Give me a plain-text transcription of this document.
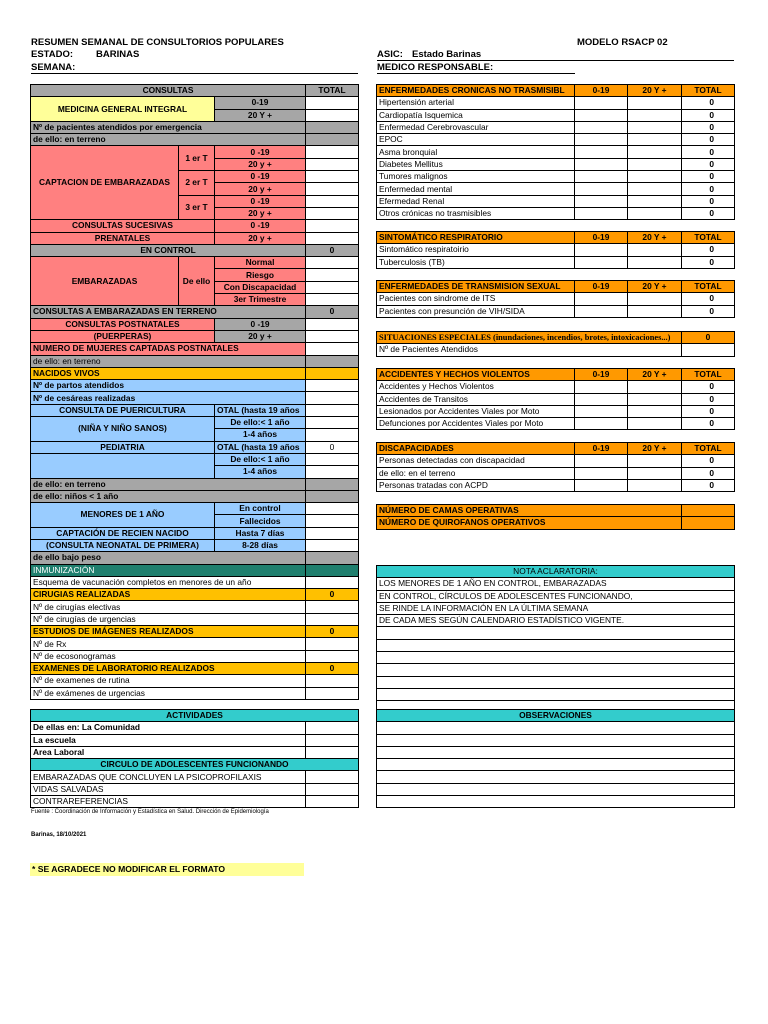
RESUMEN SEMANAL DE CONSULTORIOS POPULARES	MODELO RSACP 02
ESTADO: BARINAS	ASIC: Estado Barinas
SEMANA:	MEDICO RESPONSABLE:
CONSULTAS			TOTAL
MEDICINA GENERAL INTEGRAL		0-19	
		20 Y +	
Nº de pacientes atendidos por emergencia			
de ello: en terreno			
CAPTACION DE EMBARAZADAS	1 er T	0 -19	
		20 y +	
	2 er T	0 -19	
		20 y +	
	3 er T	0 -19	
		20 y +	
CONSULTAS SUCESIVAS		0 -19	
PRENATALES		20 y +	
EN CONTROL			0
EMBARAZADAS	De ello	Normal	
		Riesgo	
		Con Discapacidad	
		3er Trimestre	
CONSULTAS A EMBARAZADAS EN TERRENO			0
CONSULTAS POSTNATALES		0 -19	
(PUERPERAS)		20 y +	
NUMERO DE MUJERES CAPTADAS POSTNATALES			
de ello: en terreno			
NACIDOS VIVOS			
Nº de partos atendidos			
Nº de cesáreas realizadas			
CONSULTA DE PUERICULTURA		OTAL (hasta 19 años	
(NIÑA Y NIÑO SANOS)		De ello:< 1 año	
		1-4 años	
PEDIATRIA		OTAL (hasta 19 años	0
		De ello:< 1 año	
		1-4 años	
de ello: en terreno			
de ello: niños < 1 año			
MENORES DE 1 AÑO		En control	
		Fallecidos	
CAPTACIÓN DE RECIEN NACIDO		Hasta 7 días	
(CONSULTA NEONATAL DE PRIMERA)		8-28 días	
de ello bajo peso			
INMUNIZACIÓN			
Esquema de vacunación completos en menores de un año			
CIRUGIAS REALIZADAS			0
Nº de cirugías electivas			
Nº de cirugías de urgencias			
ESTUDIOS DE IMÁGENES REALIZADOS			0
Nº de Rx			
Nº de ecosonogramas			
EXAMENES DE LABORATORIO REALIZADOS			0
Nº de examenes de rutina			
Nº de exámenes de urgencias			
ENFERMEDADES CRONICAS NO TRASMISIBL	0-19	20 Y +	TOTAL
Hipertensión arterial			0
Cardiopatía Isquemica			0
Enfermedad Cerebrovascular			0
EPOC			0
Asma bronquial			0
Diabetes Mellitus			0
Tumores malignos			0
Enfermedad mental			0
Efermedad Renal			0
Otros crónicas no trasmisibles			0
SINTOMÁTICO RESPIRATORIO	0-19	20 Y +	TOTAL
Sintomático respiratoirio			0
Tuberculosis (TB)			0
ENFERMEDADES DE TRANSMISION SEXUAL	0-19	20 Y +	TOTAL
Pacientes con sindrome de ITS			0
Pacientes con presunción de VIH/SIDA			0
SITUACIONES ESPECIALES (inundaciones, incendios, brotes, intoxicaciones...)	0
Nº de Pacientes Atendidos	
ACCIDENTES Y HECHOS VIOLENTOS	0-19	20 Y +	TOTAL
Accidentes y Hechos Violentos			0
Accidentes de Transitos			0
Lesionados por Accidentes Viales por Moto			0
Defunciones por Accidentes Viales por Moto			0
DISCAPACIDADES	0-19	20 Y +	TOTAL
Personas detectadas con discapacidad			0
de ello: en el terreno			0
Personas tratadas con ACPD			0
NÚMERO DE CAMAS OPERATIVAS	
NÚMERO DE QUIROFANOS OPERATIVOS	
NOTA ACLARATORIA:
LOS MENORES DE 1 AÑO EN CONTROL, EMBARAZADAS
EN CONTROL, CÍRCULOS DE ADOLESCENTES FUNCIONANDO,
SE RINDE LA INFORMACIÓN EN LA ÚLTIMA SEMANA
DE CADA MES SEGÚN CALENDARIO ESTADÍSTICO VIGENTE.

ACTIVIDADES	
De ellas en: La Comunidad	
La escuela	
Area Laboral	
CIRCULO DE ADOLESCENTES FUNCIONANDO	
EMBARAZADAS QUE CONCLUYEN LA PSICOPROFILAXIS	
VIDAS SALVADAS	
CONTRAREFERENCIAS	
OBSERVACIONES

Fuente : Coordinación de Información y Estadística en Salud. Dirección de Epidemiología
Barinas, 18/10/2021
* SE AGRADECE NO MODIFICAR EL FORMATO
